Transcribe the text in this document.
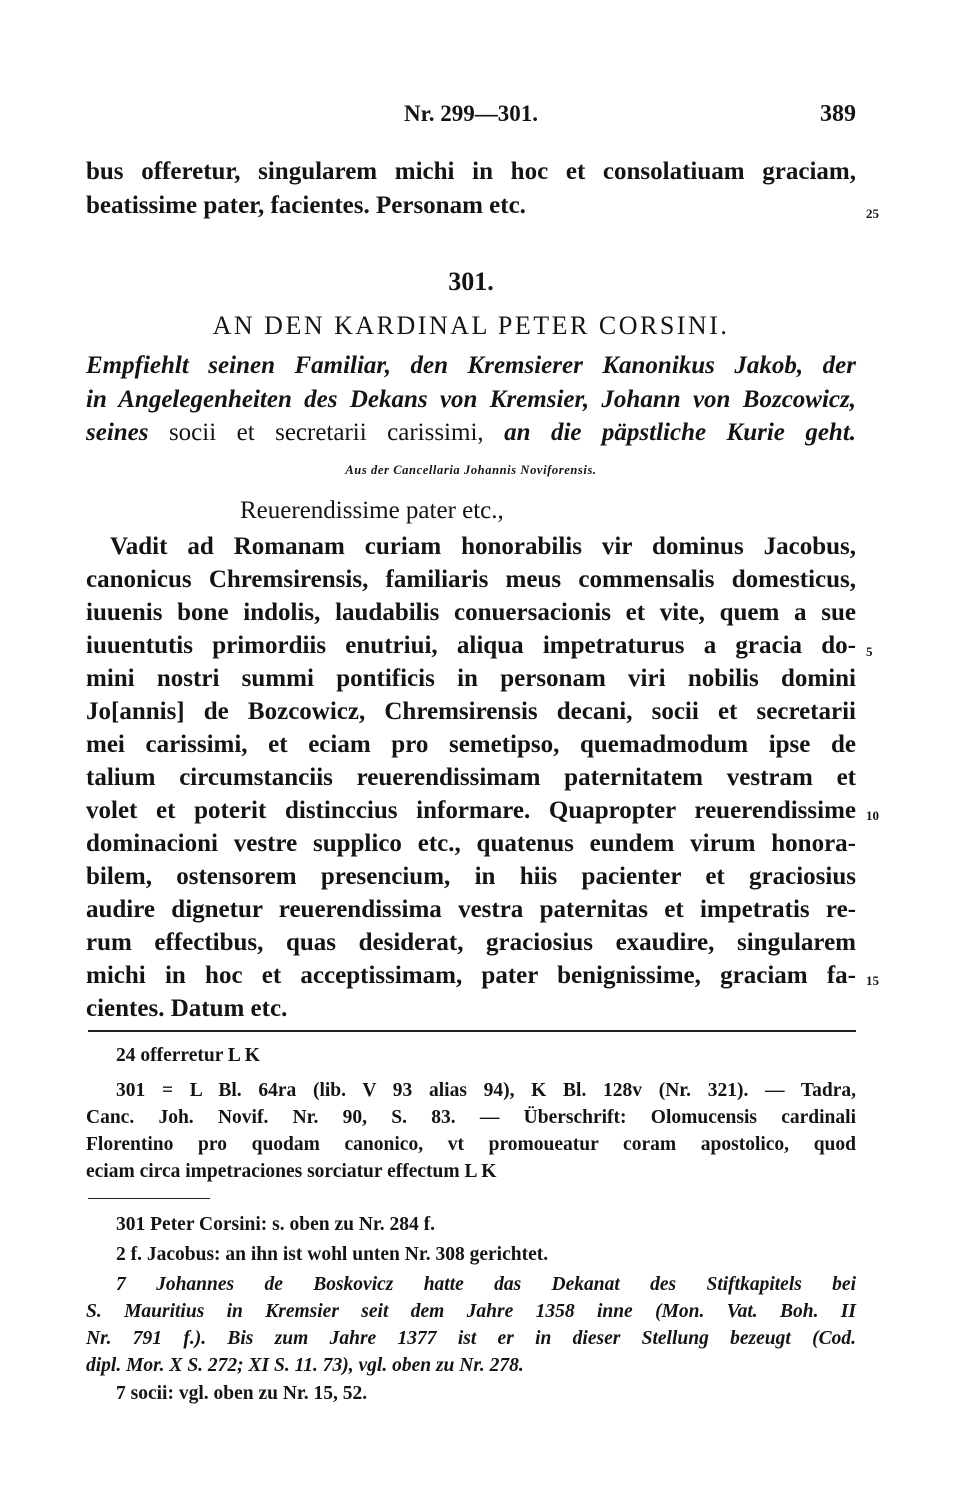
Nr. 299—301.	389
bus offeretur, singularem michi in hoc et consolatiuam graciam,
beatissime pater, facientes. Personam etc.	25
301.
AN DEN KARDINAL PETER CORSINI.
Empfiehlt seinen Familiar, den Kremsierer Kanonikus Jakob, der
in Angelegenheiten des Dekans von Kremsier, Johann von Bozcowicz,
seines socii et secretarii carissimi, an die päpstliche Kurie geht.
Aus der Cancellaria Johannis Noviforensis.
Reuerendissime pater etc.,
Vadit ad Romanam curiam honorabilis vir dominus Jacobus,
canonicus Chremsirensis, familiaris meus commensalis domesticus,
iuuenis bone indolis, laudabilis conuersacionis et vite, quem a sue
iuuentutis primordiis enutriui, aliqua impetraturus a gracia do- 5
mini nostri summi pontificis in personam viri nobilis domini
Jo[annis] de Bozcowicz, Chremsirensis decani, socii et secretarii
mei carissimi, et eciam pro semetipso, quemadmodum ipse de
talium circumstanciis reuerendissimam paternitatem vestram et
volet et poterit distinccius informare. Quapropter reuerendissime 10
dominacioni vestre supplico etc., quatenus eundem virum honora-
bilem, ostensorem presencium, in hiis pacienter et graciosius
audire dignetur reuerendissima vestra paternitas et impetratis re-
rum effectibus, quas desiderat, graciosius exaudire, singularem
michi in hoc et acceptissimam, pater benignissime, graciam fa- 15
cientes. Datum etc.
24 offerretur L K
301 = L Bl. 64ra (lib. V 93 alias 94), K Bl. 128v (Nr. 321). — Tadra,
Canc. Joh. Novif. Nr. 90, S. 83. — Überschrift: Olomucensis cardinali
Florentino pro quodam canonico, vt promoueatur coram apostolico, quod
eciam circa impetraciones sorciatur effectum L K
301 Peter Corsini: s. oben zu Nr. 284 f.
2 f. Jacobus: an ihn ist wohl unten Nr. 308 gerichtet.
7 Johannes de Boskovicz hatte das Dekanat des Stiftkapitels bei
S. Mauritius in Kremsier seit dem Jahre 1358 inne (Mon. Vat. Boh. II
Nr. 791 f.). Bis zum Jahre 1377 ist er in dieser Stellung bezeugt (Cod.
dipl. Mor. X S. 272; XI S. 11. 73), vgl. oben zu Nr. 278.
7 socii: vgl. oben zu Nr. 15, 52.
